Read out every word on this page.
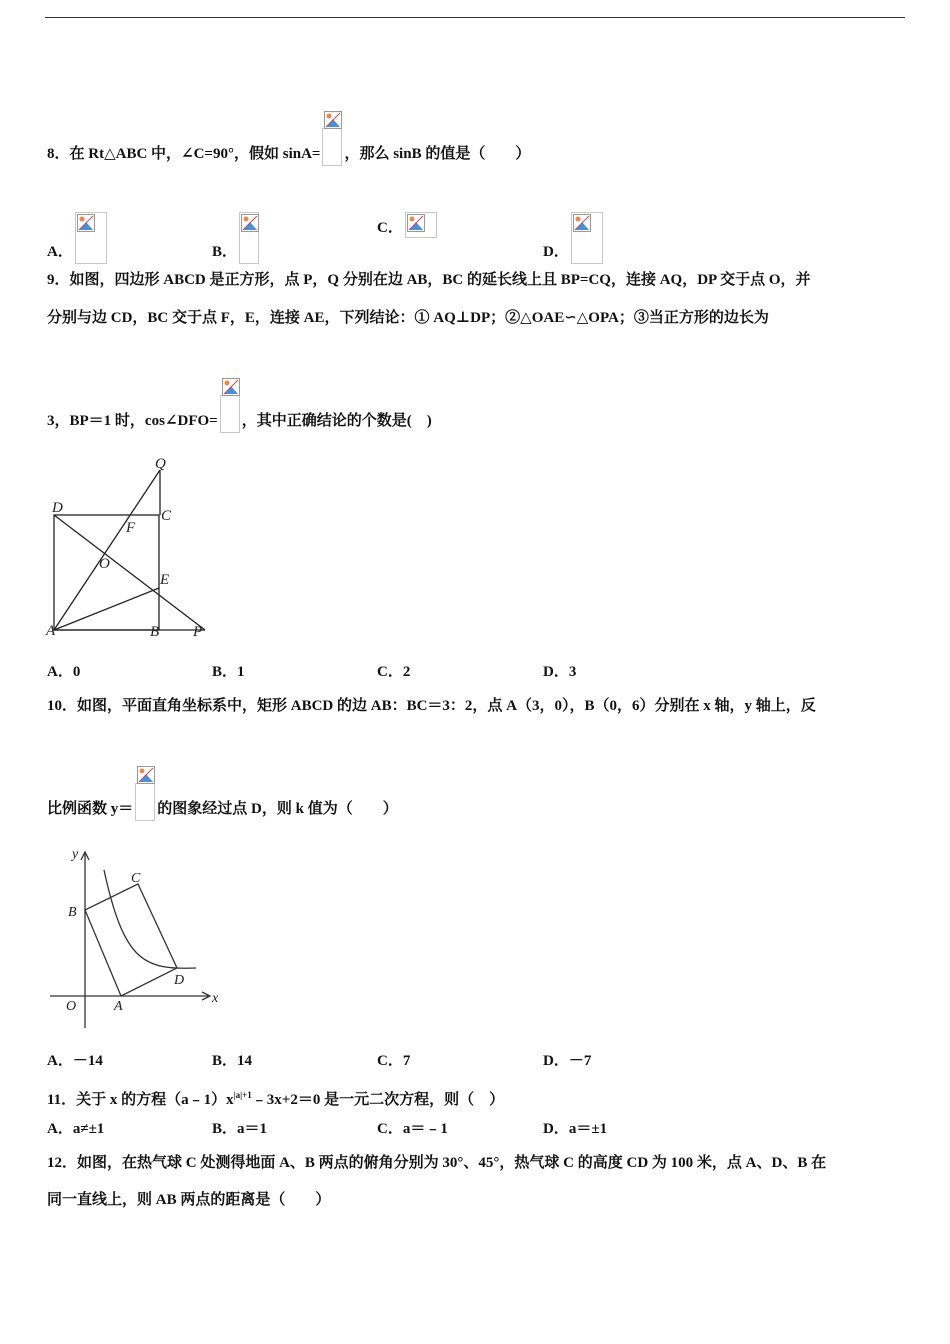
8．在 Rt△ABC 中，∠C=90°，假如 sinA= ，那么 sinB 的值是（　　）
A．	B．
C．
D．
9．如图，四边形 ABCD 是正方形，点 P，Q 分别在边 AB，BC 的延长线上且 BP=CQ，连接 AQ，DP 交于点 O，并
分别与边 CD，BC 交于点 F，E，连接 AE，下列结论：① AQ⊥DP；②△OAE∽△OPA；③当正方形的边长为
3，BP＝1 时，cos∠DFO= ，其中正确结论的个数是(　)
Q
D	C
F
O
E
A	B P
A．0	B．1	C．2	D．3
10．如图，平面直角坐标系中，矩形 ABCD 的边 AB：BC＝3：2，点 A（3，0），B（0，6）分别在 x 轴，y 轴上，反
比例函数 y＝ 的图象经过点 D，则 k 值为（　　）
y
x
O	A
B
C
D
A．－14	B．14	C．7	D．－7
11．关于 x 的方程$(a﹣1)x^{|a|+1}﹣3x+2=0$ 是一元二次方程，则（　）
A．a≠±1	B．a＝1	C．a＝﹣1	D．a＝±1
12．如图，在热气球 C 处测得地面 A、B 两点的俯角分别为 30°、45°，热气球 C 的高度 CD 为 100 米，点 A、D、B 在
同一直线上，则 AB 两点的距离是（　　）
